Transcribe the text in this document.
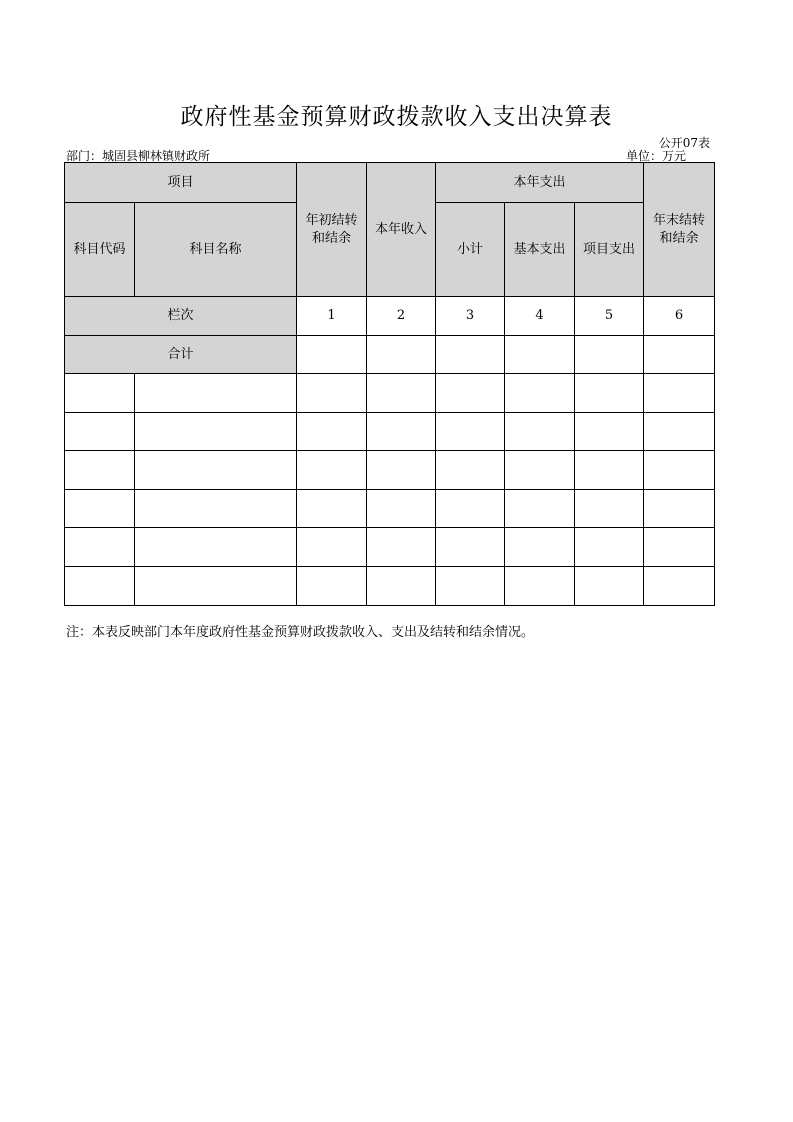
政府性基金预算财政拨款收入支出决算表
公开07表
部门：城固县柳林镇财政所	单位：万元
项目		年初结转和结余	本年收入	本年支出			年末结转和结余

科目代码	科目名称			小计	基本支出	项目支出	
栏次		1	2	3	4	5	6
合计							

注：本表反映部门本年度政府性基金预算财政拨款收入、支出及结转和结余情况。
